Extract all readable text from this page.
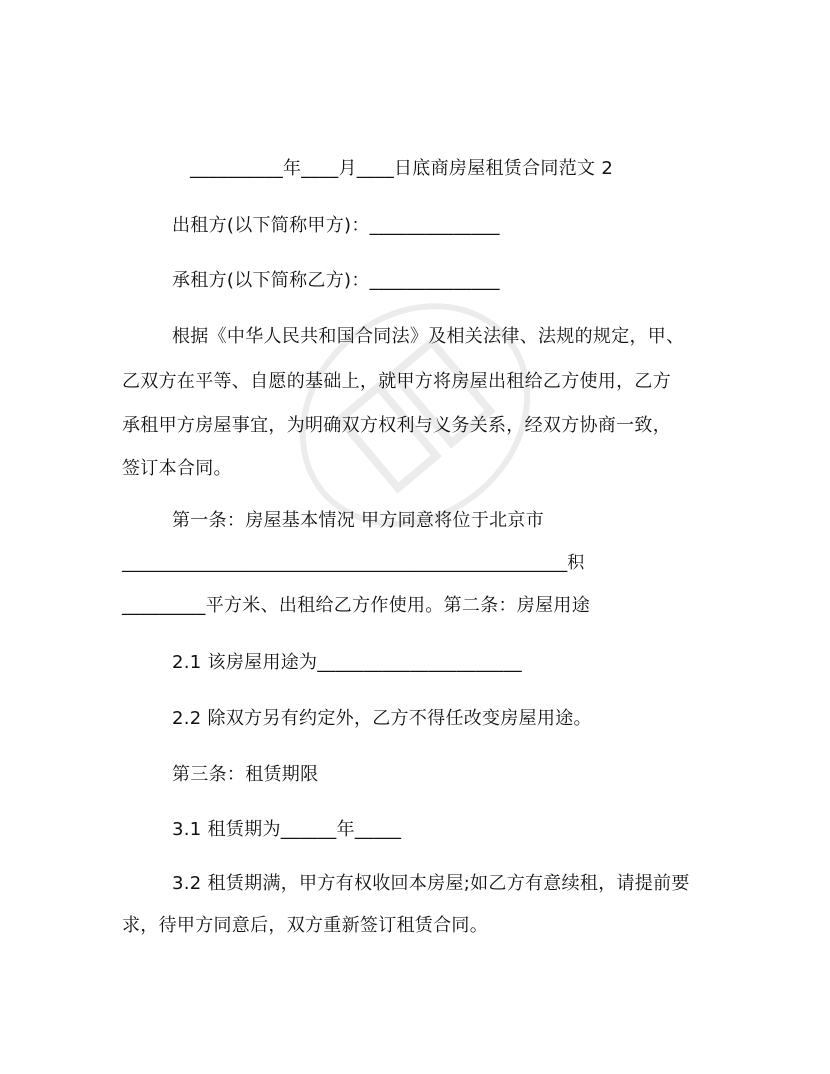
__________年____月____日底商房屋租赁合同范文 2
出租方(以下简称甲方)：______________
承租方(以下简称乙方)：______________
根据《中华人民共和国合同法》及相关法律、法规的规定，甲、
乙双方在平等、自愿的基础上，就甲方将房屋出租给乙方使用，乙方
承租甲方房屋事宜，为明确双方权利与义务关系，经双方协商一致，
签订本合同。
第一条：房屋基本情况 甲方同意将位于北京市
_____________________________________________________积
_________平方米、出租给乙方作使用。第二条：房屋用途
2.1 该房屋用途为______________________
2.2 除双方另有约定外，乙方不得任改变房屋用途。
第三条：租赁期限
3.1 租赁期为______年_____
3.2 租赁期满，甲方有权收回本房屋;如乙方有意续租，请提前要
求，待甲方同意后，双方重新签订租赁合同。
